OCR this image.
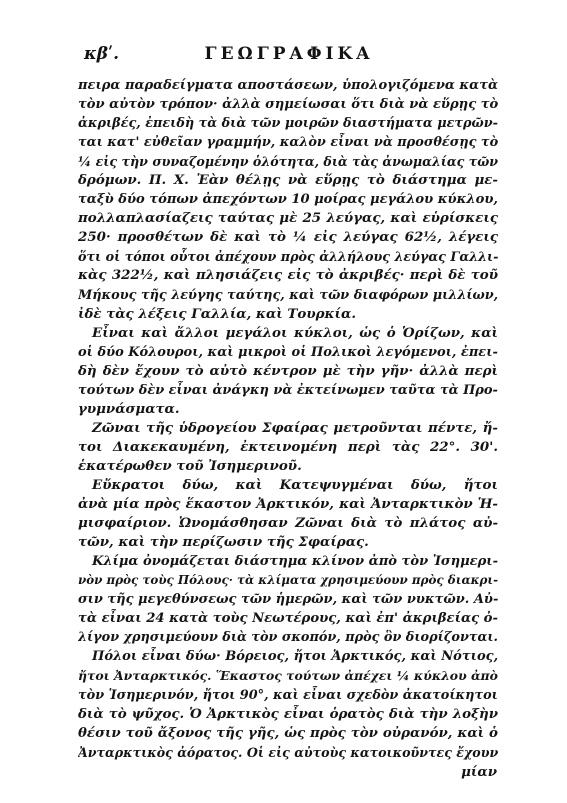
κβʹ.	ΓΕΩΓΡΑΦΙΚΑ
πειρα παραδείγματα αποστάσεων, ὑπολογιζόμενα κατὰ
τὸν αὐτὸν τρόπον· ἀλλὰ σημείωσαι ὅτι διὰ νὰ εὕρῃς τὸ
ἀκριβές, ἐπειδὴ τὰ διὰ τῶν μοιρῶν διαστήματα μετρῶν-
ται κατ' εὐθεῖαν γραμμήν, καλὸν εἶναι νὰ προσθέσῃς τὸ
¼ εἰς τὴν συναζομένην ὁλότητα, διὰ τὰς ἀνωμαλίας τῶν
δρόμων. Π. Χ. Ἐὰν θέλῃς νὰ εὕρῃς τὸ διάστημα με-
ταξὺ δύο τόπων ἀπεχόντων 10 μοίρας μεγάλου κύκλου,
πολλαπλασίαζεις ταύτας μὲ 25 λεύγας, καὶ εὑρίσκεις
250· προσθέτων δὲ καὶ τὸ ¼ εἰς λεύγας 62½, λέγεις
ὅτι οἱ τόποι οὗτοι ἀπέχουν πρὸς ἀλλήλους λεύγας Γαλλι-
κὰς 322½, καὶ πλησιάζεις εἰς τὸ ἀκριβές· περὶ δὲ τοῦ
Μήκους τῆς λεύγης ταύτης, καὶ τῶν διαφόρων μιλλίων,
ἰδὲ τὰς λέξεις Γαλλία, καὶ Τουρκία.
Εἶναι καὶ ἄλλοι μεγάλοι κύκλοι, ὡς ὁ Ὁρίζων, καὶ
οἱ δύο Κόλουροι, καὶ μικροὶ οἱ Πολικοὶ λεγόμενοι, ἐπει-
δὴ δὲν ἔχουν τὸ αὐτὸ κέντρον μὲ τὴν γῆν· ἀλλὰ περὶ
τούτων δὲν εἶναι ἀνάγκη νὰ ἐκτείνωμεν ταῦτα τὰ Προ-
γυμνάσματα.
Ζῶναι τῆς ὑδρογείου Σφαίρας μετροῦνται πέντε, ἤ-
τοι Διακεκαυμένη, ἐκτεινομένη περὶ τὰς 22°. 30'.
ἑκατέρωθεν τοῦ Ἰσημερινοῦ.
Εὔκρατοι δύω, καὶ Κατεψυγμέναι δύω, ἤτοι
ἀνὰ μία πρὸς ἕκαστον Ἀρκτικόν, καὶ Ἀνταρκτικὸν Ἡ-
μισφαίριον. Ὠνομάσθησαν Ζῶναι διὰ τὸ πλάτος αὐ-
τῶν, καὶ τὴν περίζωσιν τῆς Σφαίρας.
Κλίμα ὀνομάζεται διάστημα κλίνον ἀπὸ τὸν Ἰσημερι-
νὸν πρὸς τοὺς Πόλους· τὰ κλίματα χρησιμεύουν πρὸς διακρι-
σιν τῆς μεγεθύνσεως τῶν ἡμερῶν, καὶ τῶν νυκτῶν. Αὐ-
τὰ εἶναι 24 κατὰ τοὺς Νεωτέρους, καὶ ἐπ' ἀκριβείας ὀ-
λίγον χρησιμεύουν διὰ τὸν σκοπόν, πρὸς ὃν διορίζονται.
Πόλοι εἶναι δύω· Βόρειος, ἤτοι Ἀρκτικός, καὶ Νότιος,
ἤτοι Ἀνταρκτικός. Ἕκαστος τούτων ἀπέχει ¼ κύκλου ἀπὸ
τὸν Ἰσημερινόν, ἤτοι 90°, καὶ εἶναι σχεδὸν ἀκατοίκητοι
διὰ τὸ ψῦχος. Ὁ Ἀρκτικὸς εἶναι ὁρατὸς διὰ τὴν λοξὴν
θέσιν τοῦ ἄξονος τῆς γῆς, ὡς πρὸς τὸν οὐρανόν, καὶ ὁ
Ἀνταρκτικὸς ἀόρατος. Οἱ εἰς αὐτοὺς κατοικοῦντες ἔχουν
μίαν
